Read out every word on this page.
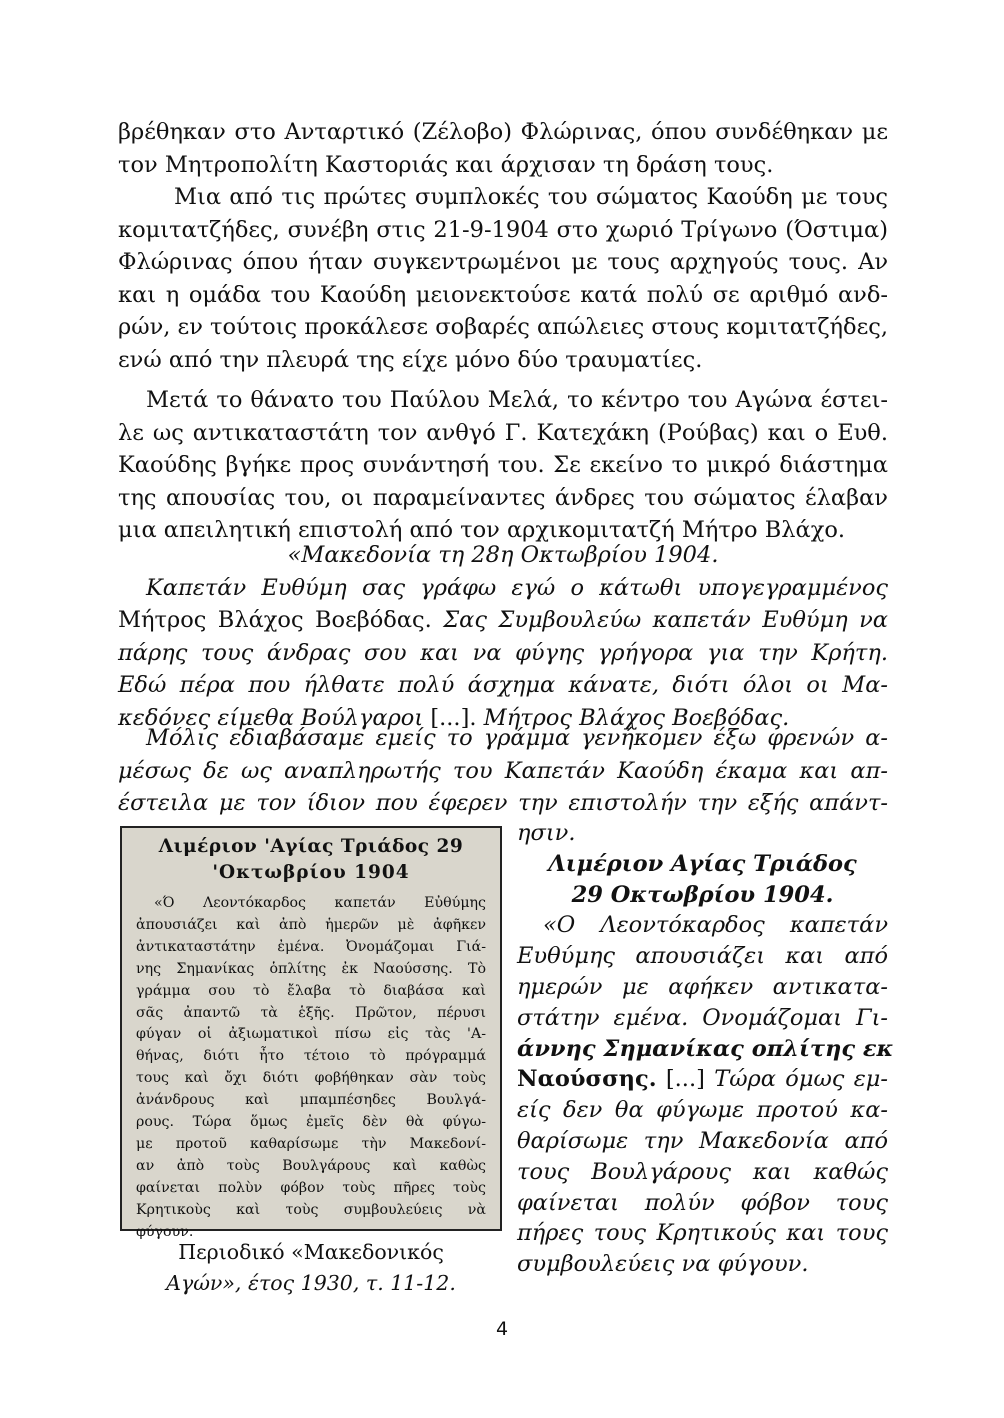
βρέθηκαν στο Ανταρτικό (Ζέλοβο) Φλώρινας, όπου συνδέθηκαν με
τον Μητροπολίτη Καστοριάς και άρχισαν τη δράση τους.
Μια από τις πρώτες συμπλοκές του σώματος Καούδη με τους
κομιτατζήδες, συνέβη στις 21-9-1904 στο χωριό Τρίγωνο (Όστιμα)
Φλώρινας όπου ήταν συγκεντρωμένοι με τους αρχηγούς τους. Αν
και η ομάδα του Καούδη μειονεκτούσε κατά πολύ σε αριθμό ανδ-
ρών, εν τούτοις προκάλεσε σοβαρές απώλειες στους κομιτατζήδες,
ενώ από την πλευρά της είχε μόνο δύο τραυματίες.
Μετά το θάνατο του Παύλου Μελά, το κέντρο του Αγώνα έστει-
λε ως αντικαταστάτη τον ανθγό Γ. Κατεχάκη (Ρούβας) και ο Ευθ.
Καούδης βγήκε προς συνάντησή του. Σε εκείνο το μικρό διάστημα
της απουσίας του, οι παραμείναντες άνδρες του σώματος έλαβαν
μια απειλητική επιστολή από τον αρχικομιτατζή Μήτρο Βλάχο.
«Μακεδονία τη 28η Οκτωβρίου 1904.
Καπετάν Ευθύμη σας γράφω εγώ ο κάτωθι υπογεγραμμένος
Μήτρος Βλάχος Βοεβόδας. Σας Συμβουλεύω καπετάν Ευθύμη να
πάρης τους άνδρας σου και να φύγης γρήγορα για την Κρήτη.
Εδώ πέρα που ήλθατε πολύ άσχημα κάνατε, διότι όλοι οι Μα-
κεδόνες είμεθα Βούλγαροι [...]. Μήτρος Βλάχος Βοεβόδας.
Μόλις εδιαβάσαμε εμείς το γράμμα γενήκομεν έξω φρενών α-
μέσως δε ως αναπληρωτής του Καπετάν Καούδη έκαμα και απ-
έστειλα με τον ίδιον που έφερεν την επιστολήν την εξής απάντ-
Λιμέριον 'Αγίας Τριάδος 29
'Οκτωβρίου 1904
«Ό Λεοντόκαρδος καπετάν Εὐθύμης
ἀπουσιάζει καὶ ἀπὸ ἡμερῶν μὲ ἀφῆκεν
ἀντικαταστάτην ἐμένα. Ὀνομάζομαι Γιά-
νης Σημανίκας ὁπλίτης ἐκ Ναούσσης. Τὸ
γράμμα σου τὸ ἔλαβα τὸ διαβάσα καὶ
σᾶς ἀπαντῶ τὰ ἑξῆς. Πρῶτον, πέρυσι
φύγαν οἱ ἀξιωματικοὶ πίσω εἰς τὰς 'Α-
θήνας, διότι ἦτο τέτοιο τὸ πρόγραμμά
τους καὶ ὄχι διότι φοβήθηκαν σὰν τοὺς
ἀνάνδρους καὶ μπαμπέσηδες Βουλγά-
ρους. Τώρα ὅμως ἐμεῖς δὲν θὰ φύγω-
με προτοῦ καθαρίσωμε τὴν Μακεδονί-
αν ἀπὸ τοὺς Βουλγάρους καὶ καθὼς
φαίνεται πολὺν φόβον τοὺς πῆρες τοὺς
Κρητικοὺς καὶ τοὺς συμβουλεύεις νὰ
φύγουν.
Περιοδικό «Μακεδονικός
Αγών», έτος 1930, τ. 11-12.
ησιν.
Λιμέριον Αγίας Τριάδος
29 Οκτωβρίου 1904.
«Ο Λεοντόκαρδος καπετάν
Ευθύμης απουσιάζει και από
ημερών με αφήκεν αντικατα-
στάτην εμένα. Ονομάζομαι Γι-
άννης Σημανίκας οπλίτης εκ
Ναούσσης. [...] Τώρα όμως εμ-
είς δεν θα φύγωμε προτού κα-
θαρίσωμε την Μακεδονία από
τους Βουλγάρους και καθώς
φαίνεται πολύν φόβον τους
πήρες τους Κρητικούς και τους
συμβουλεύεις να φύγουν.
4
